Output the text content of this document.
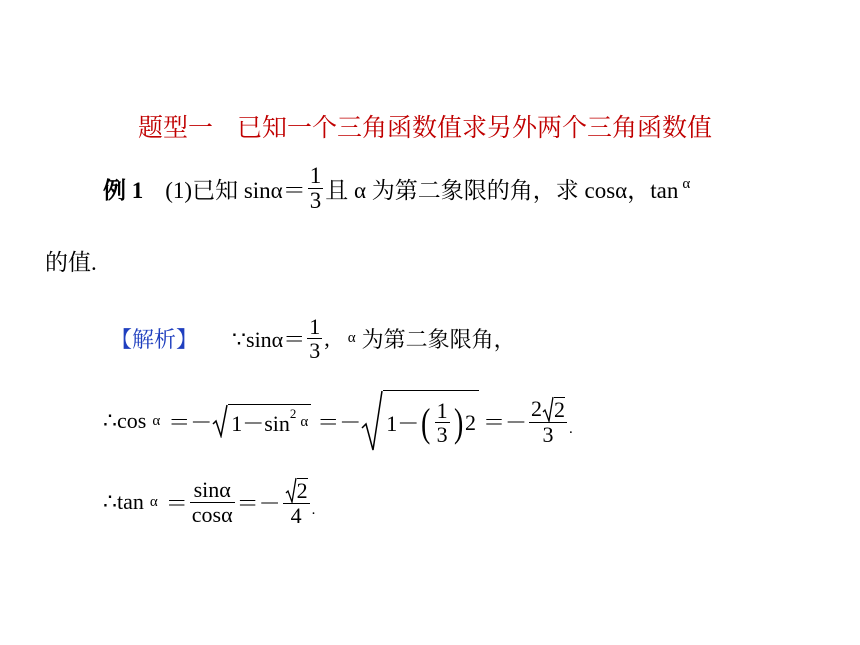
题型一 已知一个三角函数值求另外两个三角函数值
例 1 (1)已知 $\sin\alpha= \frac{1}{3}$ 且 α 为第二象限的角，求 cosα，tan α
的值.
【解析】 ∵sinα＝ $\frac{1}{3}$ , α 为第二象限角，
∴cos α ＝－ 1－sin 2
α ＝－ 1－ ( $\frac{1}{3}$ ) $2 =- \frac{2 2}{3}$ .
∴tan $\alpha = \frac{\sin\alpha}{\cos\alpha} =- \frac{2}{4}$ .
